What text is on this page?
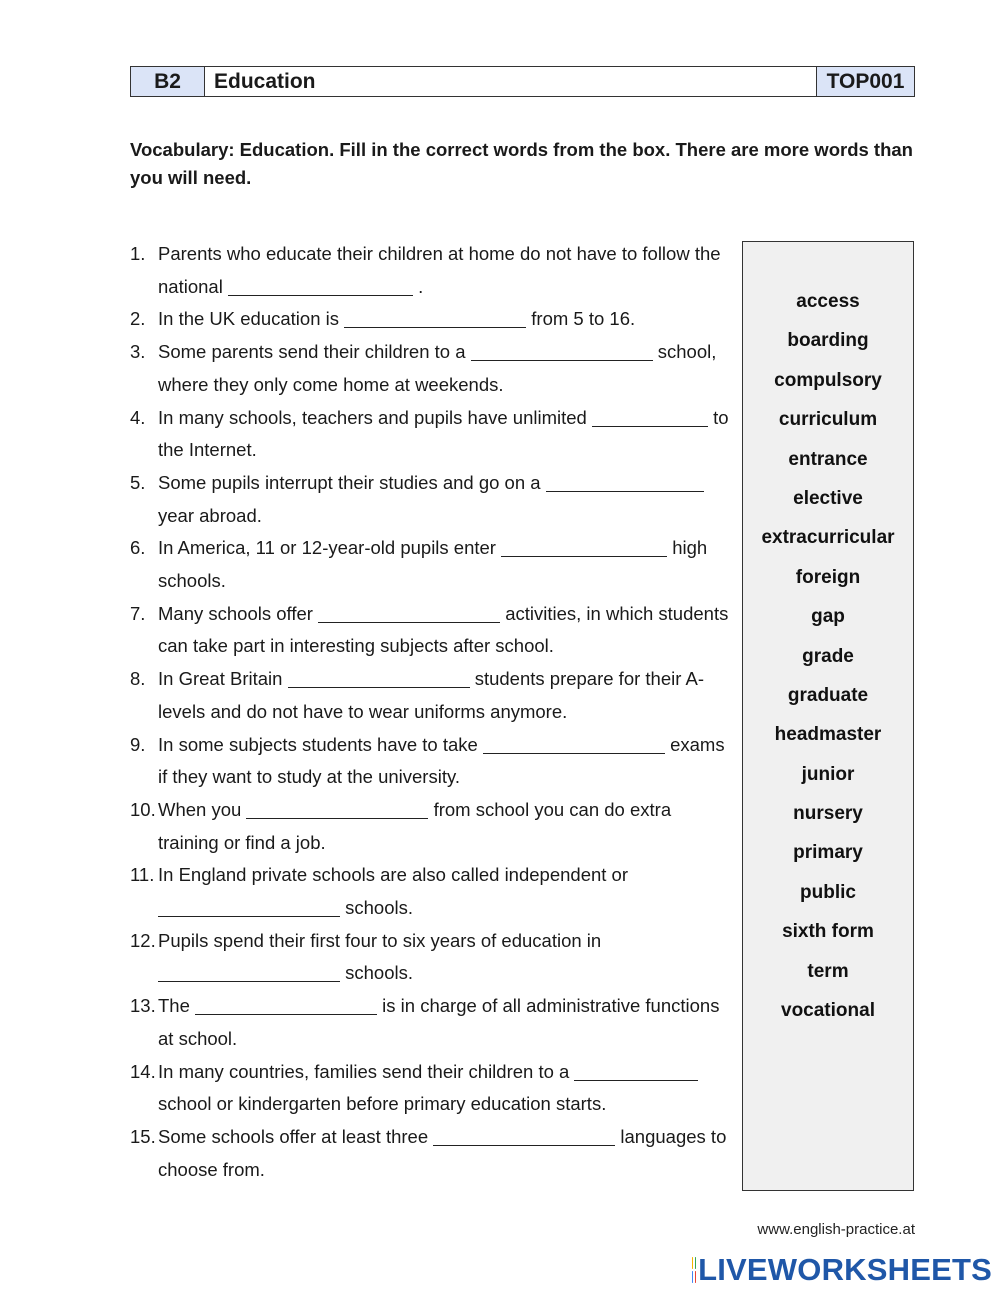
B2	Education	TOP001

Vocabulary: Education. Fill in the correct words from the box. There are more words than you will need.

1. Parents who educate their children at home do not have to follow the national	.
2. In the UK education is	from 5 to 16.
3. Some parents send their children to a	school, where they only come home at weekends.
4. In many schools, teachers and pupils have unlimited	to the Internet.
5. Some pupils interrupt their studies and go on a  year abroad.
6. In America, 11 or 12-year-old pupils enter	high schools.
7. Many schools offer	activities, in which students can take part in interesting subjects after school.
8. In Great Britain	students prepare for their A-levels and do not have to wear uniforms anymore.
9. In some subjects students have to take	exams if they want to study at the university.
10. When you	from school you can do extra training or find a job.
11. In England private schools are also called independent or  schools.
12. Pupils spend their first four to six years of education in  schools.
13. The	is in charge of all administrative functions at school.
14. In many countries, families send their children to a  school or kindergarten before primary education starts.
15. Some schools offer at least three	languages to choose from.
access
boarding
compulsory
curriculum
entrance
elective
extracurricular
foreign
gap
grade
graduate
headmaster
junior
nursery
primary
public
sixth form
term
vocational
www.english-practice.at
LIVEWORKSHEETS
